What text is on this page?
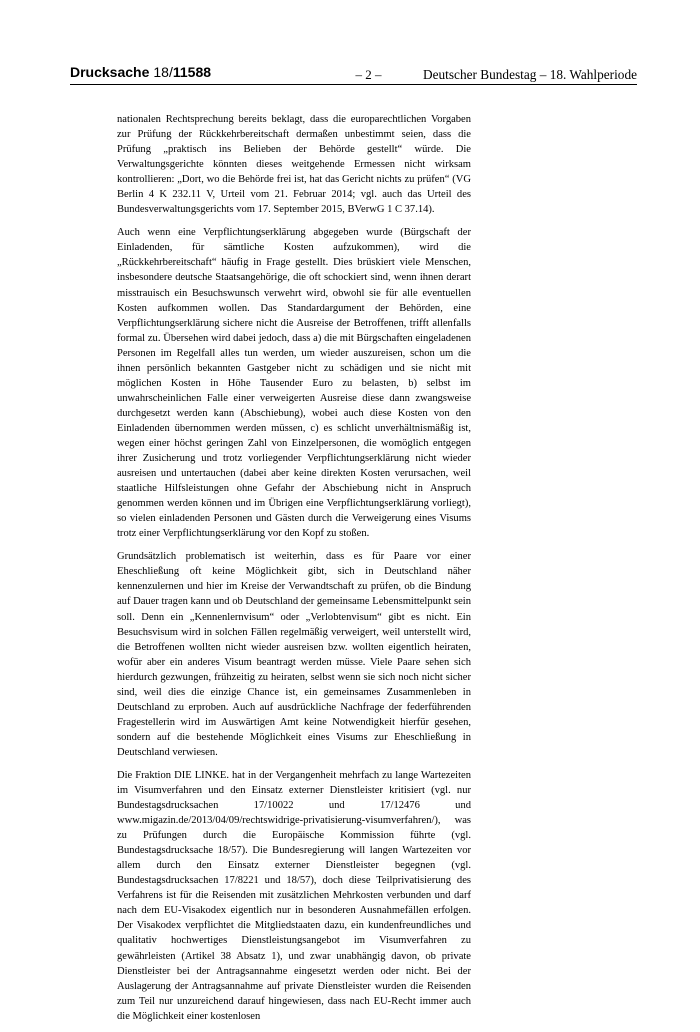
Drucksache 18/11588	– 2 –	Deutscher Bundestag – 18. Wahlperiode

nationalen Rechtsprechung bereits beklagt, dass die europarechtlichen Vorgaben zur Prüfung der Rückkehrbereitschaft dermaßen unbestimmt seien, dass die Prüfung „praktisch ins Belieben der Behörde gestellt“ würde. Die Verwaltungsgerichte könnten dieses weitgehende Ermessen nicht wirksam kontrollieren: „Dort, wo die Behörde frei ist, hat das Gericht nichts zu prüfen“ (VG Berlin 4 K 232.11 V, Urteil vom 21. Februar 2014; vgl. auch das Urteil des Bundesverwaltungsgerichts vom 17. September 2015, BVerwG 1 C 37.14).

Auch wenn eine Verpflichtungserklärung abgegeben wurde (Bürgschaft der Einladenden, für sämtliche Kosten aufzukommen), wird die „Rückkehrbereitschaft“ häufig in Frage gestellt. Dies brüskiert viele Menschen, insbesondere deutsche Staatsangehörige, die oft schockiert sind, wenn ihnen derart misstrauisch ein Besuchswunsch verwehrt wird, obwohl sie für alle eventuellen Kosten aufkommen wollen. Das Standardargument der Behörden, eine Verpflichtungserklärung sichere nicht die Ausreise der Betroffenen, trifft allenfalls formal zu. Übersehen wird dabei jedoch, dass a) die mit Bürgschaften eingeladenen Personen im Regelfall alles tun werden, um wieder auszureisen, schon um die ihnen persönlich bekannten Gastgeber nicht zu schädigen und sie nicht mit möglichen Kosten in Höhe Tausender Euro zu belasten, b) selbst im unwahrscheinlichen Falle einer verweigerten Ausreise diese dann zwangsweise durchgesetzt werden kann (Abschiebung), wobei auch diese Kosten von den Einladenden übernommen werden müssen, c) es schlicht unverhältnismäßig ist, wegen einer höchst geringen Zahl von Einzelpersonen, die womöglich entgegen ihrer Zusicherung und trotz vorliegender Verpflichtungserklärung nicht wieder ausreisen und untertauchen (dabei aber keine direkten Kosten verursachen, weil staatliche Hilfsleistungen ohne Gefahr der Abschiebung nicht in Anspruch genommen werden können und im Übrigen eine Verpflichtungserklärung vorliegt), so vielen einladenden Personen und Gästen durch die Verweigerung eines Visums trotz einer Verpflichtungserklärung vor den Kopf zu stoßen.

Grundsätzlich problematisch ist weiterhin, dass es für Paare vor einer Eheschließung oft keine Möglichkeit gibt, sich in Deutschland näher kennenzulernen und hier im Kreise der Verwandtschaft zu prüfen, ob die Bindung auf Dauer tragen kann und ob Deutschland der gemeinsame Lebensmittelpunkt sein soll. Denn ein „Kennenlernvisum“ oder „Verlobtenvisum“ gibt es nicht. Ein Besuchsvisum wird in solchen Fällen regelmäßig verweigert, weil unterstellt wird, die Betroffenen wollten nicht wieder ausreisen bzw. wollten eigentlich heiraten, wofür aber ein anderes Visum beantragt werden müsse. Viele Paare sehen sich hierdurch gezwungen, frühzeitig zu heiraten, selbst wenn sie sich noch nicht sicher sind, weil dies die einzige Chance ist, ein gemeinsames Zusammenleben in Deutschland zu erproben. Auch auf ausdrückliche Nachfrage der federführenden Fragestellerin wird im Auswärtigen Amt keine Notwendigkeit hierfür gesehen, sondern auf die bestehende Möglichkeit eines Visums zur Eheschließung in Deutschland verwiesen.

Die Fraktion DIE LINKE. hat in der Vergangenheit mehrfach zu lange Wartezeiten im Visumverfahren und den Einsatz externer Dienstleister kritisiert (vgl. nur Bundestagsdrucksachen 17/10022 und 17/12476 und www.migazin.de/2013/04/09/rechtswidrige-privatisierung-visumverfahren/), was zu Prüfungen durch die Europäische Kommission führte (vgl. Bundestagsdrucksache 18/57). Die Bundesregierung will langen Wartezeiten vor allem durch den Einsatz externer Dienstleister begegnen (vgl. Bundestagsdrucksachen 17/8221 und 18/57), doch diese Teilprivatisierung des Verfahrens ist für die Reisenden mit zusätzlichen Mehrkosten verbunden und darf nach dem EU-Visakodex eigentlich nur in besonderen Ausnahmefällen erfolgen. Der Visakodex verpflichtet die Mitgliedstaaten dazu, ein kundenfreundliches und qualitativ hochwertiges Dienstleistungsangebot im Visumverfahren zu gewährleisten (Artikel 38 Absatz 1), und zwar unabhängig davon, ob private Dienstleister bei der Antragsannahme eingesetzt werden oder nicht. Bei der Auslagerung der Antragsannahme auf private Dienstleister wurden die Reisenden zum Teil nur unzureichend darauf hingewiesen, dass nach EU-Recht immer auch die Möglichkeit einer kostenlosen
